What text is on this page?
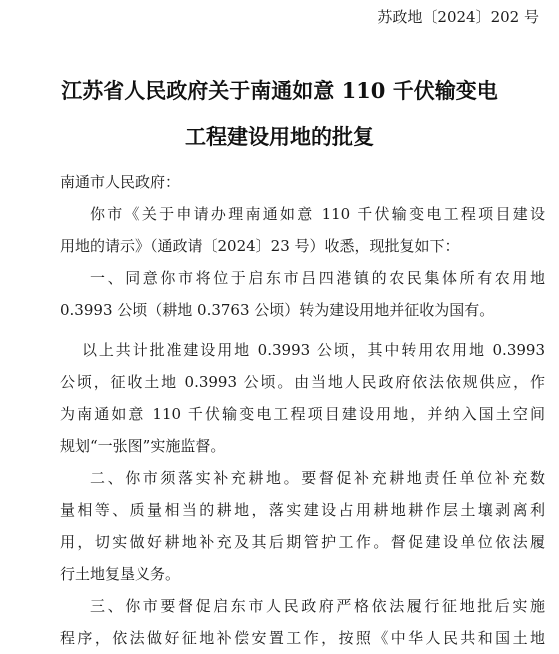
苏政地〔2024〕202 号
江苏省人民政府关于南通如意 110 千伏输变电
工程建设用地的批复
南通市人民政府：
你市《关于申请办理南通如意 110 千伏输变电工程项目建设
用地的请示》（通政请〔2024〕23 号）收悉，现批复如下：
一、同意你市将位于启东市吕四港镇的农民集体所有农用地
0.3993 公顷（耕地 0.3763 公顷）转为建设用地并征收为国有。
以上共计批准建设用地 0.3993 公顷，其中转用农用地 0.3993
公顷，征收土地 0.3993 公顷。由当地人民政府依法依规供应，作
为南通如意 110 千伏输变电工程项目建设用地，并纳入国土空间
规划“一张图”实施监督。
二、你市须落实补充耕地。要督促补充耕地责任单位补充数
量相等、质量相当的耕地，落实建设占用耕地耕作层土壤剥离利
用，切实做好耕地补充及其后期管护工作。督促建设单位依法履
行土地复垦义务。
三、你市要督促启东市人民政府严格依法履行征地批后实施
程序，依法做好征地补偿安置工作，按照《中华人民共和国土地
